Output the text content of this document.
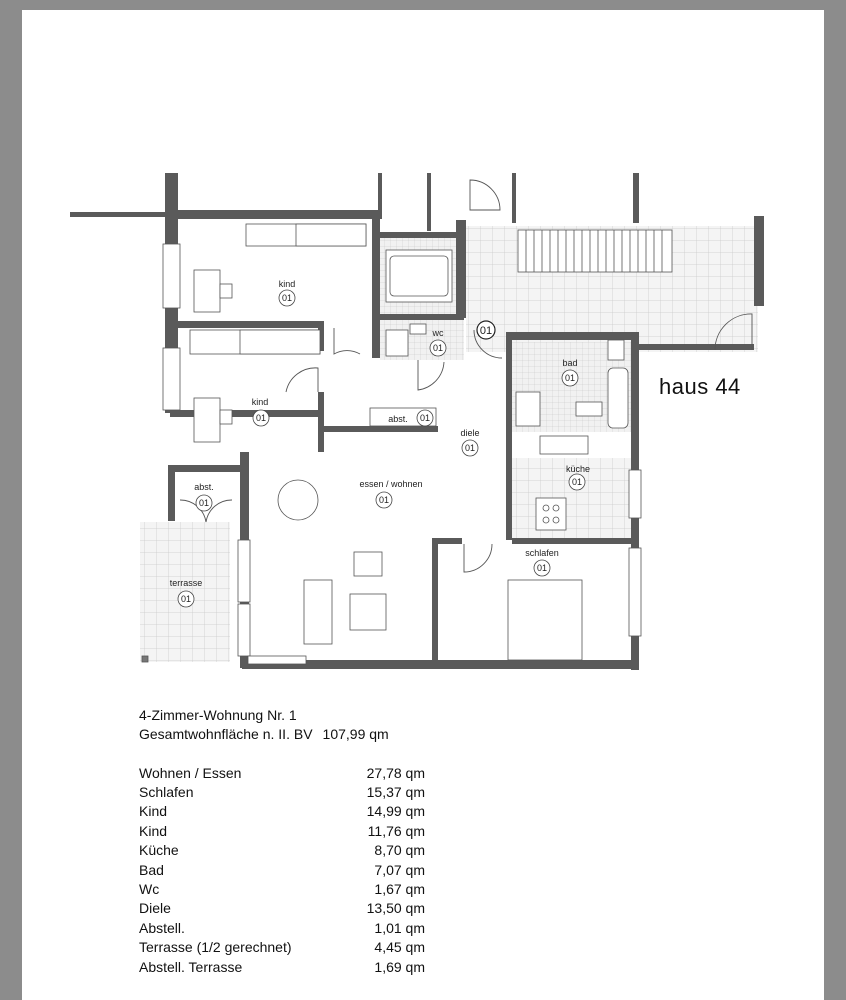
kind
01
kind
01
wc
01
01
bad
01
abst. 01
diele
01
küche
01
abst.
01
essen / wohnen
01
schlafen
01
terrasse
01
haus 44
4-Zimmer-Wohnung Nr. 1
Gesamtwohnfläche n. II. BV 107,99 qm
Wohnen / Essen	27,78 qm
Schlafen	15,37 qm
Kind	14,99 qm
Kind	11,76 qm
Küche	8,70 qm
Bad	7,07 qm
Wc	1,67 qm
Diele	13,50 qm
Abstell.	1,01 qm
Terrasse (1/2 gerechnet)	4,45 qm
Abstell. Terrasse	1,69 qm
